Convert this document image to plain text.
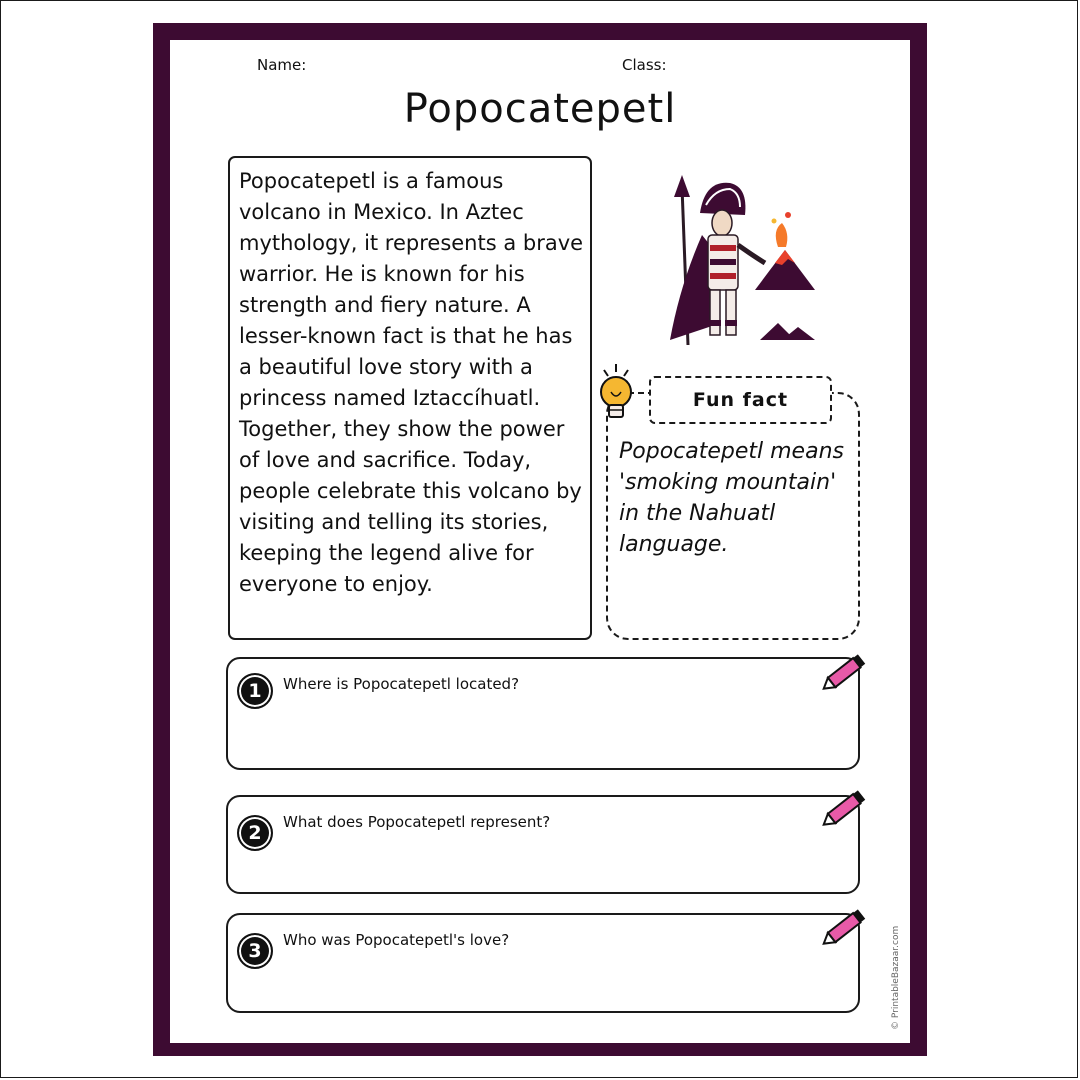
Name:	Class:
Popocatepetl
Popocatepetl is a famous volcano in Mexico. In Aztec mythology, it represents a brave warrior. He is known for his strength and fiery nature. A lesser-known fact is that he has a beautiful love story with a princess named Iztaccíhuatl. Together, they show the power of love and sacrifice. Today, people celebrate this volcano by visiting and telling its stories, keeping the legend alive for everyone to enjoy.
Fun fact
Popocatepetl means 'smoking mountain' in the Nahuatl language.
1	Where is Popocatepetl located?
2	What does Popocatepetl represent?
3	Who was Popocatepetl's love?	© PrintableBazaar.com
